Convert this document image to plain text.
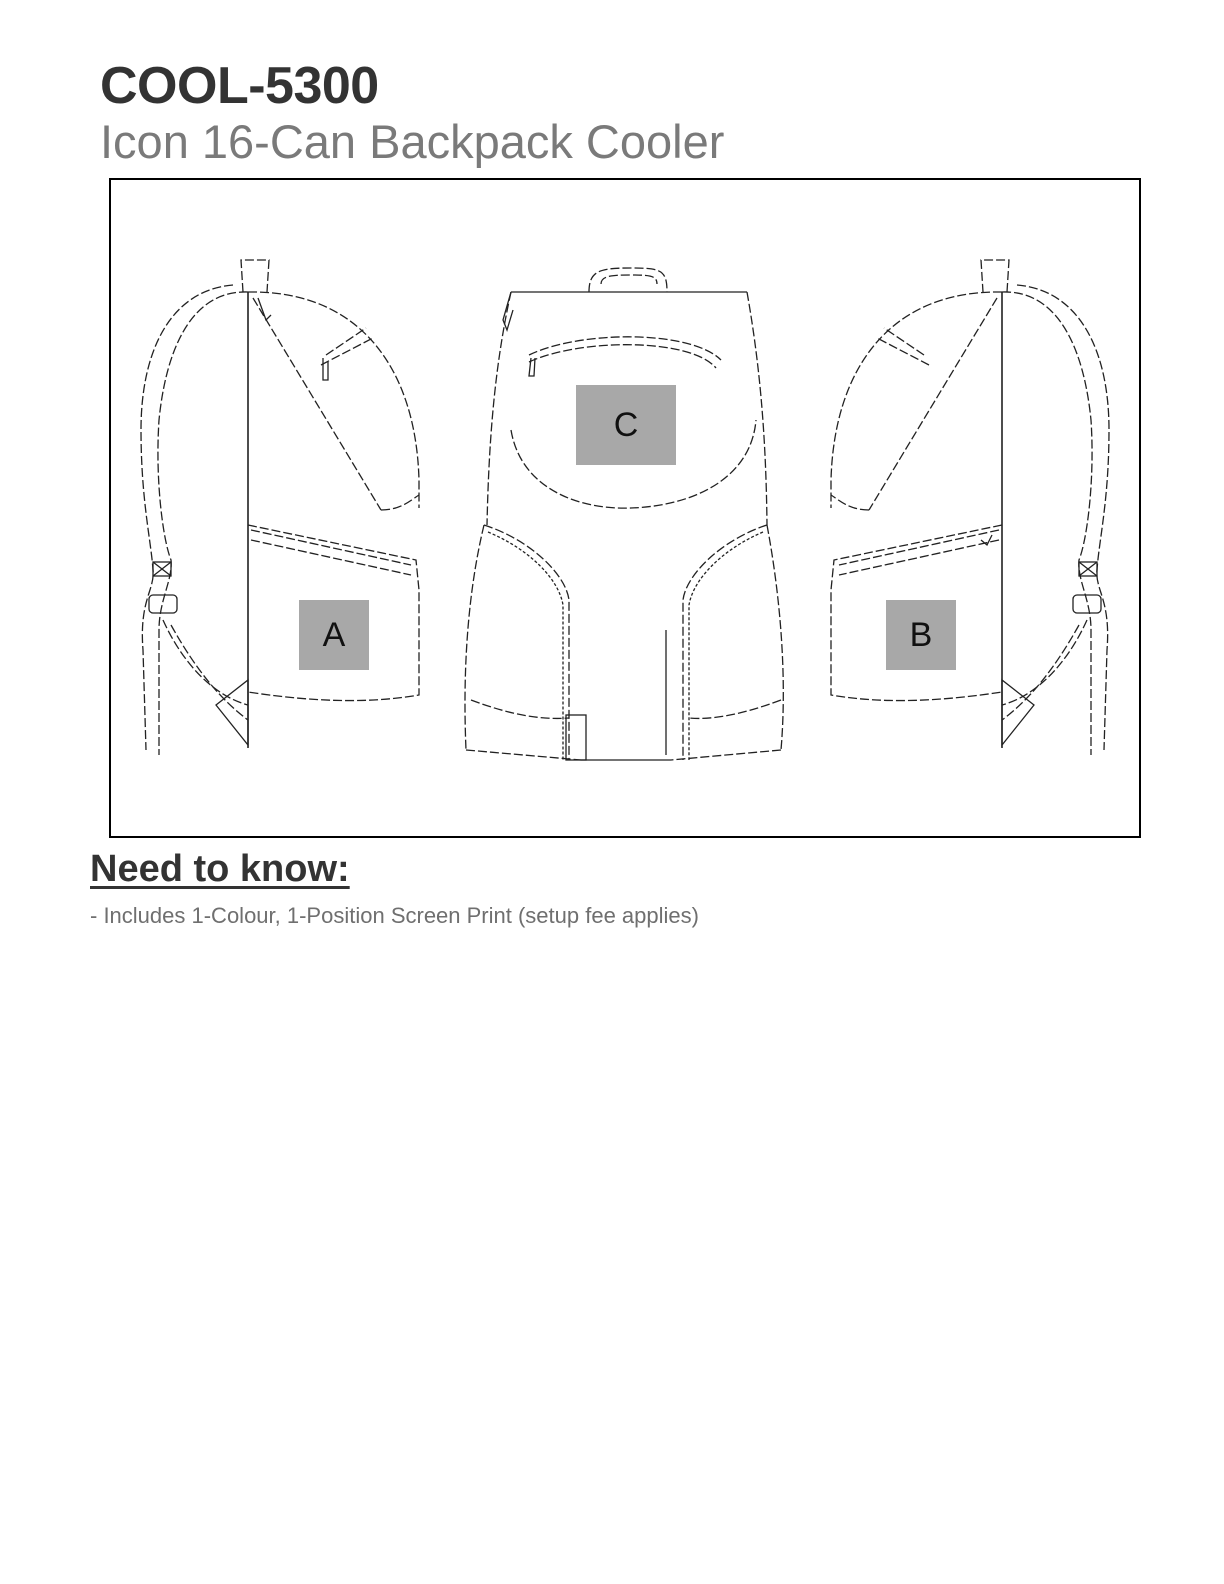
COOL-5300
Icon 16-Can Backpack Cooler
A	B
C
Need to know:
- Includes 1-Colour, 1-Position Screen Print (setup fee applies)
